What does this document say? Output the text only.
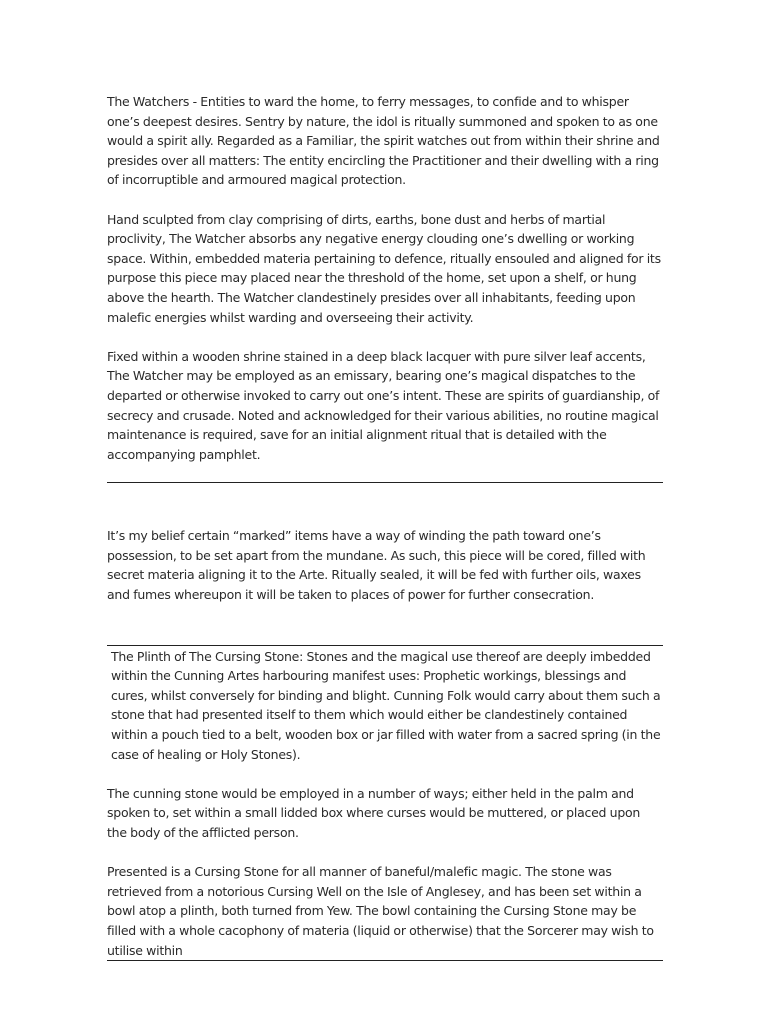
The Watchers - Entities to ward the home, to ferry messages, to confide and to whisper one’s deepest desires. Sentry by nature, the idol is ritually summoned and spoken to as one would a spirit ally. Regarded as a Familiar, the spirit watches out from within their shrine and presides over all matters: The entity encircling the Practitioner and their dwelling with a ring of incorruptible and armoured magical protection.

Hand sculpted from clay comprising of dirts, earths, bone dust and herbs of martial proclivity, The Watcher absorbs any negative energy clouding one’s dwelling or working space. Within, embedded materia pertaining to defence, ritually ensouled and aligned for its purpose this piece may placed near the threshold of the home, set upon a shelf, or hung above the hearth. The Watcher clandestinely presides over all inhabitants, feeding upon malefic energies whilst warding and overseeing their activity.

Fixed within a wooden shrine stained in a deep black lacquer with pure silver leaf accents, The Watcher may be employed as an emissary, bearing one’s magical dispatches to the departed or otherwise invoked to carry out one’s intent. These are spirits of guardianship, of secrecy and crusade. Noted and acknowledged for their various abilities, no routine magical maintenance is required, save for an initial alignment ritual that is detailed with the accompanying pamphlet.

It’s my belief certain “marked” items have a way of winding the path toward one’s possession, to be set apart from the mundane. As such, this piece will be cored, filled with secret materia aligning it to the Arte. Ritually sealed, it will be fed with further oils, waxes and fumes whereupon it will be taken to places of power for further consecration.

The Plinth of The Cursing Stone: Stones and the magical use thereof are deeply imbedded within the Cunning Artes harbouring manifest uses: Prophetic workings, blessings and cures, whilst conversely for binding and blight. Cunning Folk would carry about them such a stone that had presented itself to them which would either be clandestinely contained within a pouch tied to a belt, wooden box or jar filled with water from a sacred spring (in the case of healing or Holy Stones).

The cunning stone would be employed in a number of ways; either held in the palm and spoken to, set within a small lidded box where curses would be muttered, or placed upon the body of the afflicted person.

Presented is a Cursing Stone for all manner of baneful/malefic magic. The stone was retrieved from a notorious Cursing Well on the Isle of Anglesey, and has been set within a bowl atop a plinth, both turned from Yew. The bowl containing the Cursing Stone may be filled with a whole cacophony of materia (liquid or otherwise) that the Sorcerer may wish to utilise within
